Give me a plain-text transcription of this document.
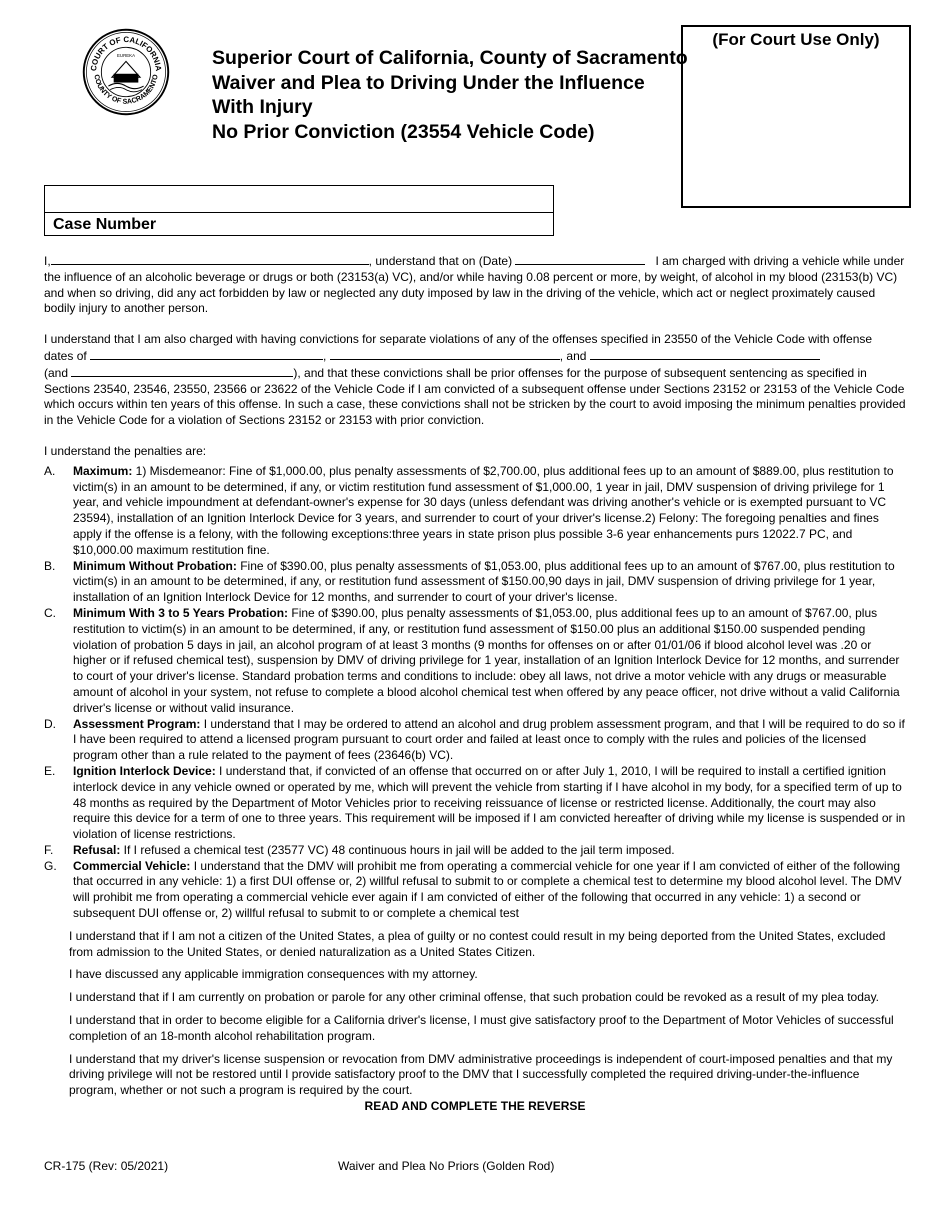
COURT OF CALIFORNIA
COUNTY OF SACRAMENTO
EUREKA	Superior Court of California, County of Sacramento
Waiver and Plea to Driving Under the Influence
With Injury
No Prior Conviction (23554 Vehicle Code)
(For Court Use Only)
Case Number

I,	, understand that on (Date)	I am charged with driving a vehicle while under the influence of an alcoholic beverage or drugs or both (23153(a) VC), and/or while having 0.08 percent or more, by weight, of alcohol in my blood (23153(b) VC) and when so driving, did any act forbidden by law or neglected any duty imposed by law in the driving of the vehicle, which act or neglect proximately caused bodily injury to another person.

I understand that I am also charged with having convictions for separate violations of any of the offenses specified in 23550 of the Vehicle Code with offense

dates of	,	, and

(and	), and that these convictions shall be prior offenses for the purpose of subsequent sentencing as specified in Sections 23540, 23546, 23550, 23566 or 23622 of the Vehicle Code if I am convicted of a subsequent offense under Sections 23152 or 23153 of the Vehicle Code which occurs within ten years of this offense. In such a case, these convictions shall not be stricken by the court to avoid imposing the minimum penalties provided in the Vehicle Code for a violation of Sections 23152 or 23153 with prior conviction.

I understand the penalties are:

A.	Maximum: 1) Misdemeanor: Fine of $1,000.00, plus penalty assessments of $2,700.00, plus additional fees up to an amount of $889.00, plus restitution to victim(s) in an amount to be determined, if any, or victim restitution fund assessment of $1,000.00, 1 year in jail, DMV suspension of driving privilege for 1 year, and vehicle impoundment at defendant-owner's expense for 30 days (unless defendant was driving another's vehicle or is exempted pursuant to VC 23594), installation of an Ignition Interlock Device for 3 years, and surrender to court of your driver's license.2) Felony: The foregoing penalties and fines apply if the offense is a felony, with the following exceptions:three years in state prison plus possible 3-6 year enhancements purs 12022.7 PC, and $10,000.00 maximum restitution fine.
B.	Minimum Without Probation: Fine of $390.00, plus penalty assessments of $1,053.00, plus additional fees up to an amount of $767.00, plus restitution to victim(s) in an amount to be determined, if any, or restitution fund assessment of $150.00,90 days in jail, DMV suspension of driving privilege for 1 year, installation of an Ignition Interlock Device for 12 months, and surrender to court of your driver's license.
C.	Minimum With 3 to 5 Years Probation: Fine of $390.00, plus penalty assessments of $1,053.00, plus additional fees up to an amount of $767.00, plus restitution to victim(s) in an amount to be determined, if any, or restitution fund assessment of $150.00 plus an additional $150.00 suspended pending violation of probation 5 days in jail, an alcohol program of at least 3 months (9 months for offenses on or after 01/01/06 if blood alcohol level was .20 or higher or if refused chemical test), suspension by DMV of driving privilege for 1 year, installation of an Ignition Interlock Device for 12 months, and surrender to court of your driver's license. Standard probation terms and conditions to include: obey all laws, not drive a motor vehicle with any drugs or measurable amount of alcohol in your system, not refuse to complete a blood alcohol chemical test when offered by any peace officer, not drive without a valid California driver's license or without valid insurance.
D.	Assessment Program: I understand that I may be ordered to attend an alcohol and drug problem assessment program, and that I will be required to do so if I have been required to attend a licensed program pursuant to court order and failed at least once to comply with the rules and policies of the licensed program other than a rule related to the payment of fees (23646(b) VC).
E.	Ignition Interlock Device: I understand that, if convicted of an offense that occurred on or after July 1, 2010, I will be required to install a certified ignition interlock device in any vehicle owned or operated by me, which will prevent the vehicle from starting if I have alcohol in my body, for a specified term of up to 48 months as required by the Department of Motor Vehicles prior to receiving reissuance of license or restricted license. Additionally, the court may also require this device for a term of one to three years. This requirement will be imposed if I am convicted hereafter of driving while my license is suspended or in violation of license restrictions.
F.	Refusal: If I refused a chemical test (23577 VC) 48 continuous hours in jail will be added to the jail term imposed.
G.	Commercial Vehicle: I understand that the DMV will prohibit me from operating a commercial vehicle for one year if I am convicted of either of the following that occurred in any vehicle: 1) a first DUI offense or, 2) willful refusal to submit to or complete a chemical test to determine my blood alcohol level. The DMV will prohibit me from operating a commercial vehicle ever again if I am convicted of either of the following that occurred in any vehicle: 1) a second or subsequent DUI offense or, 2) willful refusal to submit to or complete a chemical test

I understand that if I am not a citizen of the United States, a plea of guilty or no contest could result in my being deported from the United States, excluded from admission to the United States, or denied naturalization as a United States Citizen.

I have discussed any applicable immigration consequences with my attorney.

I understand that if I am currently on probation or parole for any other criminal offense, that such probation could be revoked as a result of my plea today.

I understand that in order to become eligible for a California driver's license, I must give satisfactory proof to the Department of Motor Vehicles of successful completion of an 18-month alcohol rehabilitation program.

I understand that my driver's license suspension or revocation from DMV administrative proceedings is independent of court-imposed penalties and that my driving privilege will not be restored until I provide satisfactory proof to the DMV that I successfully completed the required driving-under-the-influence program, whether or not such a program is required by the court.

READ AND COMPLETE THE REVERSE

CR-175 (Rev: 05/2021)	Waiver and Plea No Priors (Golden Rod)
